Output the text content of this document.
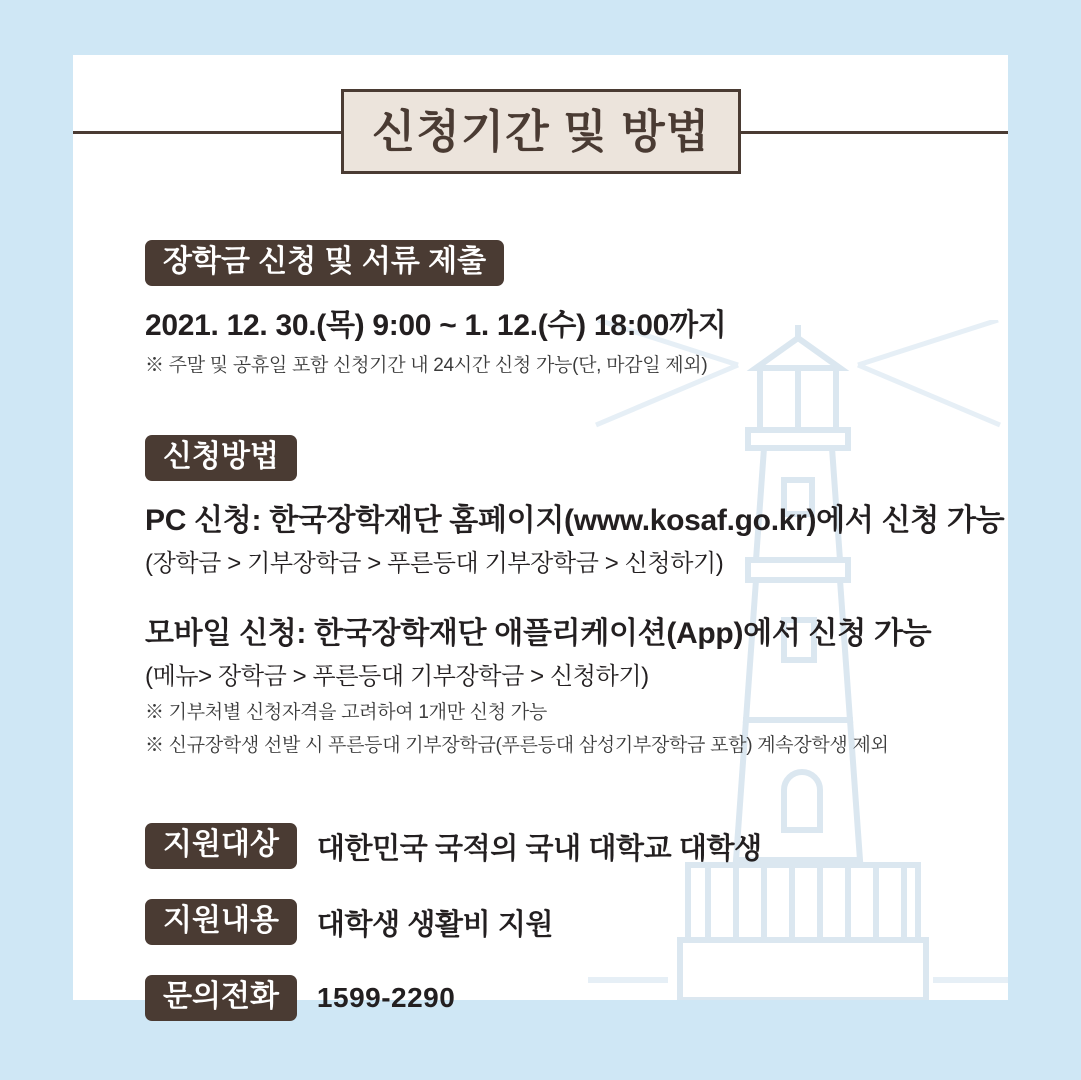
신청기간 및 방법
장학금 신청 및 서류 제출
2021. 12. 30.(목) 9:00 ~ 1. 12.(수) 18:00까지
※ 주말 및 공휴일 포함 신청기간 내 24시간 신청 가능(단, 마감일 제외)
신청방법
PC 신청: 한국장학재단 홈페이지(www.kosaf.go.kr)에서 신청 가능
(장학금 > 기부장학금 > 푸른등대 기부장학금 > 신청하기)
모바일 신청: 한국장학재단 애플리케이션(App)에서 신청 가능
(메뉴> 장학금 > 푸른등대 기부장학금 > 신청하기)
※ 기부처별 신청자격을 고려하여 1개만 신청 가능
※ 신규장학생 선발 시 푸른등대 기부장학금(푸른등대 삼성기부장학금 포함) 계속장학생 제외
지원대상	대한민국 국적의 국내 대학교 대학생
지원내용	대학생 생활비 지원
문의전화	1599-2290
